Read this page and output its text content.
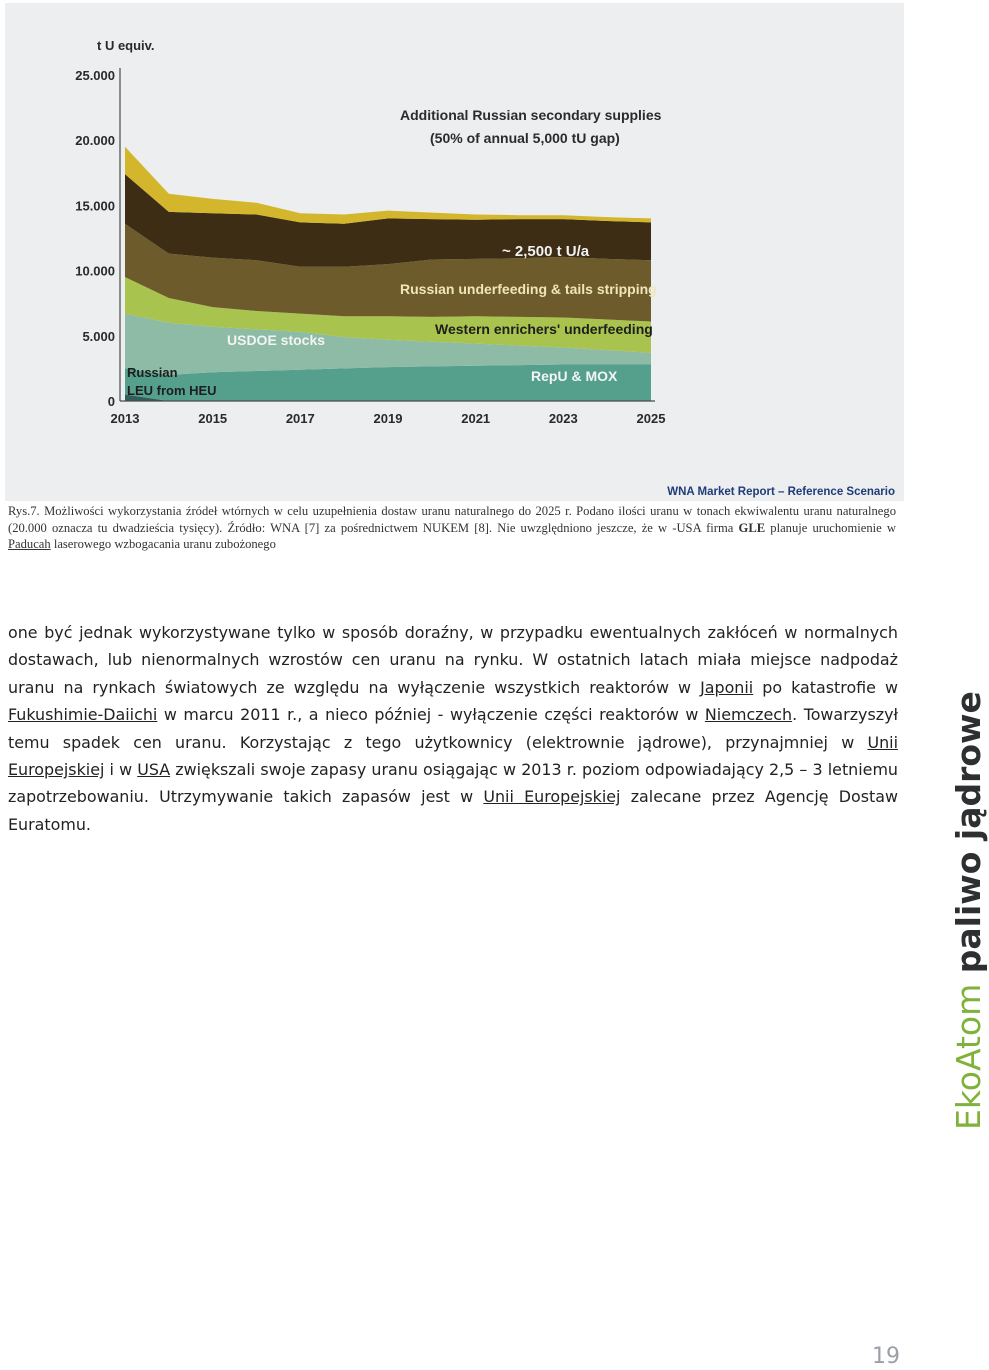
t U equiv.
0
5.000
10.000
15.000
20.000
25.000
2013	2015	2017	2019	2021	2023	2025
Additional Russian secondary supplies
(50% of annual 5,000 tU gap)
~ 2,500 t U/a
Russian underfeeding & tails stripping
Western enrichers' underfeeding
USDOE stocks
RepU & MOX
Russian
LEU from HEU
WNA Market Report – Reference Scenario
Rys.7. Możliwości wykorzystania źródeł wtórnych w celu uzupełnienia dostaw uranu naturalnego do 2025 r. Podano ilości uranu w tonach ekwiwalentu uranu naturalnego (20.000 oznacza tu dwadzieścia tysięcy). Źródło: WNA [7] za pośrednictwem NUKEM [8]. Nie uwzględniono jeszcze, że w -USA firma GLE planuje uruchomienie w Paducah laserowego wzbogacania uranu zubożonego
one być jednak wykorzystywane tylko w sposób doraźny, w przypadku ewentualnych zakłóceń w normalnych dostawach, lub nienormalnych wzrostów cen uranu na rynku. W ostatnich latach miała miejsce nadpodaż uranu na rynkach światowych ze względu na wyłączenie wszystkich reaktorów w Japonii po katastrofie w Fukushimie-Daiichi w marcu 2011 r., a nieco później - wyłączenie części reaktorów w Niemczech. Towarzyszył temu spadek cen uranu. Korzystając z tego użytkownicy (elektrownie jądrowe), przynajmniej w Unii Europejskiej i w USA zwiększali swoje zapasy uranu osiągając w 2013 r. poziom odpowiadający 2,5 – 3 letniemu zapotrzebowaniu. Utrzymywanie takich zapasów jest w Unii Europejskiej zalecane przez Agencję Dostaw Euratomu.
EkoAtom paliwo jądrowe
19
